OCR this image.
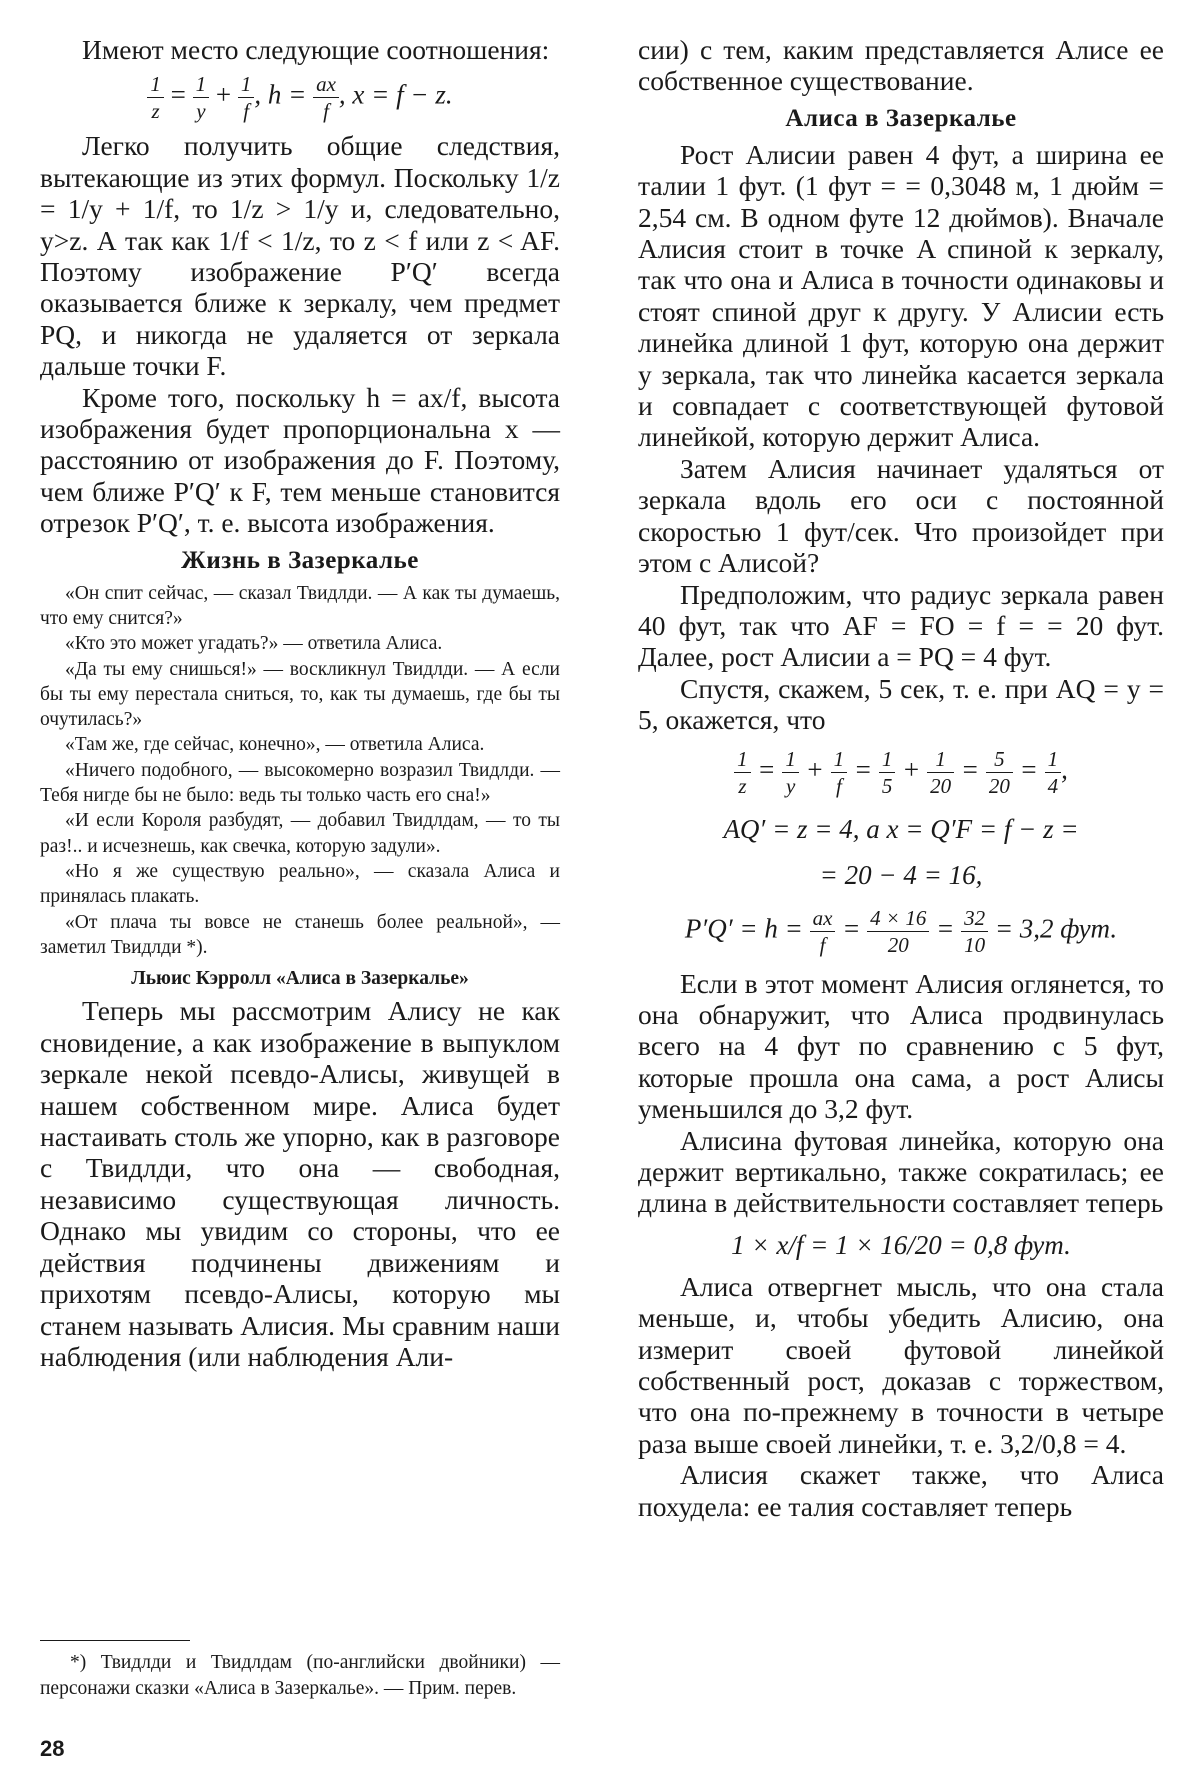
Имеют место следующие соотношения:

$\frac{1}{z} = \frac{1}{y} + \frac{1}{f}$ , $h = \frac{ax}{f}$ , x = f − z.

Легко получить общие следствия, вытекающие из этих формул. Поскольку 1/z = 1/y + 1/f, то 1/z > 1/y и, следовательно, y>z. А так как 1/f < 1/z, то z < f или z < AF. Поэтому изображение P′Q′ всегда оказывается ближе к зеркалу, чем предмет PQ, и никогда не удаляется от зеркала дальше точки F.

Кроме того, поскольку h = ax/f, высота изображения будет пропорциональна x — расстоянию от изображения до F. Поэтому, чем ближе P′Q′ к F, тем меньше становится отрезок P′Q′, т. е. высота изображения.

Жизнь в Зазеркалье

«Он спит сейчас, — сказал Твидлди. — А как ты думаешь, что ему снится?»

«Кто это может угадать?» — ответила Алиса.

«Да ты ему снишься!» — воскликнул Твидлди. — А если бы ты ему перестала сниться, то, как ты думаешь, где бы ты очутилась?»

«Там же, где сейчас, конечно», — ответила Алиса.

«Ничего подобного, — высокомерно возразил Твидлди. — Тебя нигде бы не было: ведь ты только часть его сна!»

«И если Короля разбудят, — добавил Твидлдам, — то ты раз!.. и исчезнешь, как свечка, которую задули».

«Но я же существую реально», — сказала Алиса и принялась плакать.

«От плача ты вовсе не станешь более реальной», — заметил Твидлди *).

Льюис Кэрролл «Алиса в Зазеркалье»

Теперь мы рассмотрим Алису не как сновидение, а как изображение в выпуклом зеркале некой псевдо-Алисы, живущей в нашем собственном мире. Алиса будет настаивать столь же упорно, как в разговоре с Твидлди, что она — свободная, независимо существующая личность. Однако мы увидим со стороны, что ее действия подчинены движениям и прихотям псевдо-Алисы, которую мы станем называть Алисия. Мы сравним наши наблюдения (или наблюдения Али-

*) Твидлди и Твидлдам (по-английски двойники) — персонажи сказки «Алиса в Зазеркалье». — Прим. перев.

сии) с тем, каким представляется Алисе ее собственное существование.

Алиса в Зазеркалье

Рост Алисии равен 4 фут, а ширина ее талии 1 фут. (1 фут = = 0,3048 м, 1 дюйм = 2,54 см. В одном футе 12 дюймов). Вначале Алисия стоит в точке A спиной к зеркалу, так что она и Алиса в точности одинаковы и стоят спиной друг к другу. У Алисии есть линейка длиной 1 фут, которую она держит у зеркала, так что линейка касается зеркала и совпадает с соответствующей футовой линейкой, которую держит Алиса.

Затем Алисия начинает удаляться от зеркала вдоль его оси с постоянной скоростью 1 фут/сек. Что произойдет при этом с Алисой?

Предположим, что радиус зеркала равен 40 фут, так что AF = FO = f = = 20 фут. Далее, рост Алисии a = PQ = 4 фут.

Спустя, скажем, 5 сек, т. е. при AQ = y = 5, окажется, что

$\frac{1}{z} = \frac{1}{y} + \frac{1}{f} = \frac{1}{5} + \frac{1}{20} = \frac{5}{20} = \frac{1}{4}$ ,
AQ′ = z = 4, а x = Q′F = f − z =
= 20 − 4 = 16,
$P'Q' = h = \frac{ax}{f} = \frac{4 \times 16}{20} = \frac{32}{10} = 3,2$ фут.

Если в этот момент Алисия оглянется, то она обнаружит, что Алиса продвинулась всего на 4 фут по сравнению с 5 фут, которые прошла она сама, а рост Алисы уменьшился до 3,2 фут.

Алисина футовая линейка, которую она держит вертикально, также сократилась; ее длина в действительности составляет теперь

1 × x/f = 1 × 16/20 = 0,8 фут.

Алиса отвергнет мысль, что она стала меньше, и, чтобы убедить Алисию, она измерит своей футовой линейкой собственный рост, доказав с торжеством, что она по-прежнему в точности в четыре раза выше своей линейки, т. е. 3,2/0,8 = 4.

Алисия скажет также, что Алиса похудела: ее талия составляет теперь

28
